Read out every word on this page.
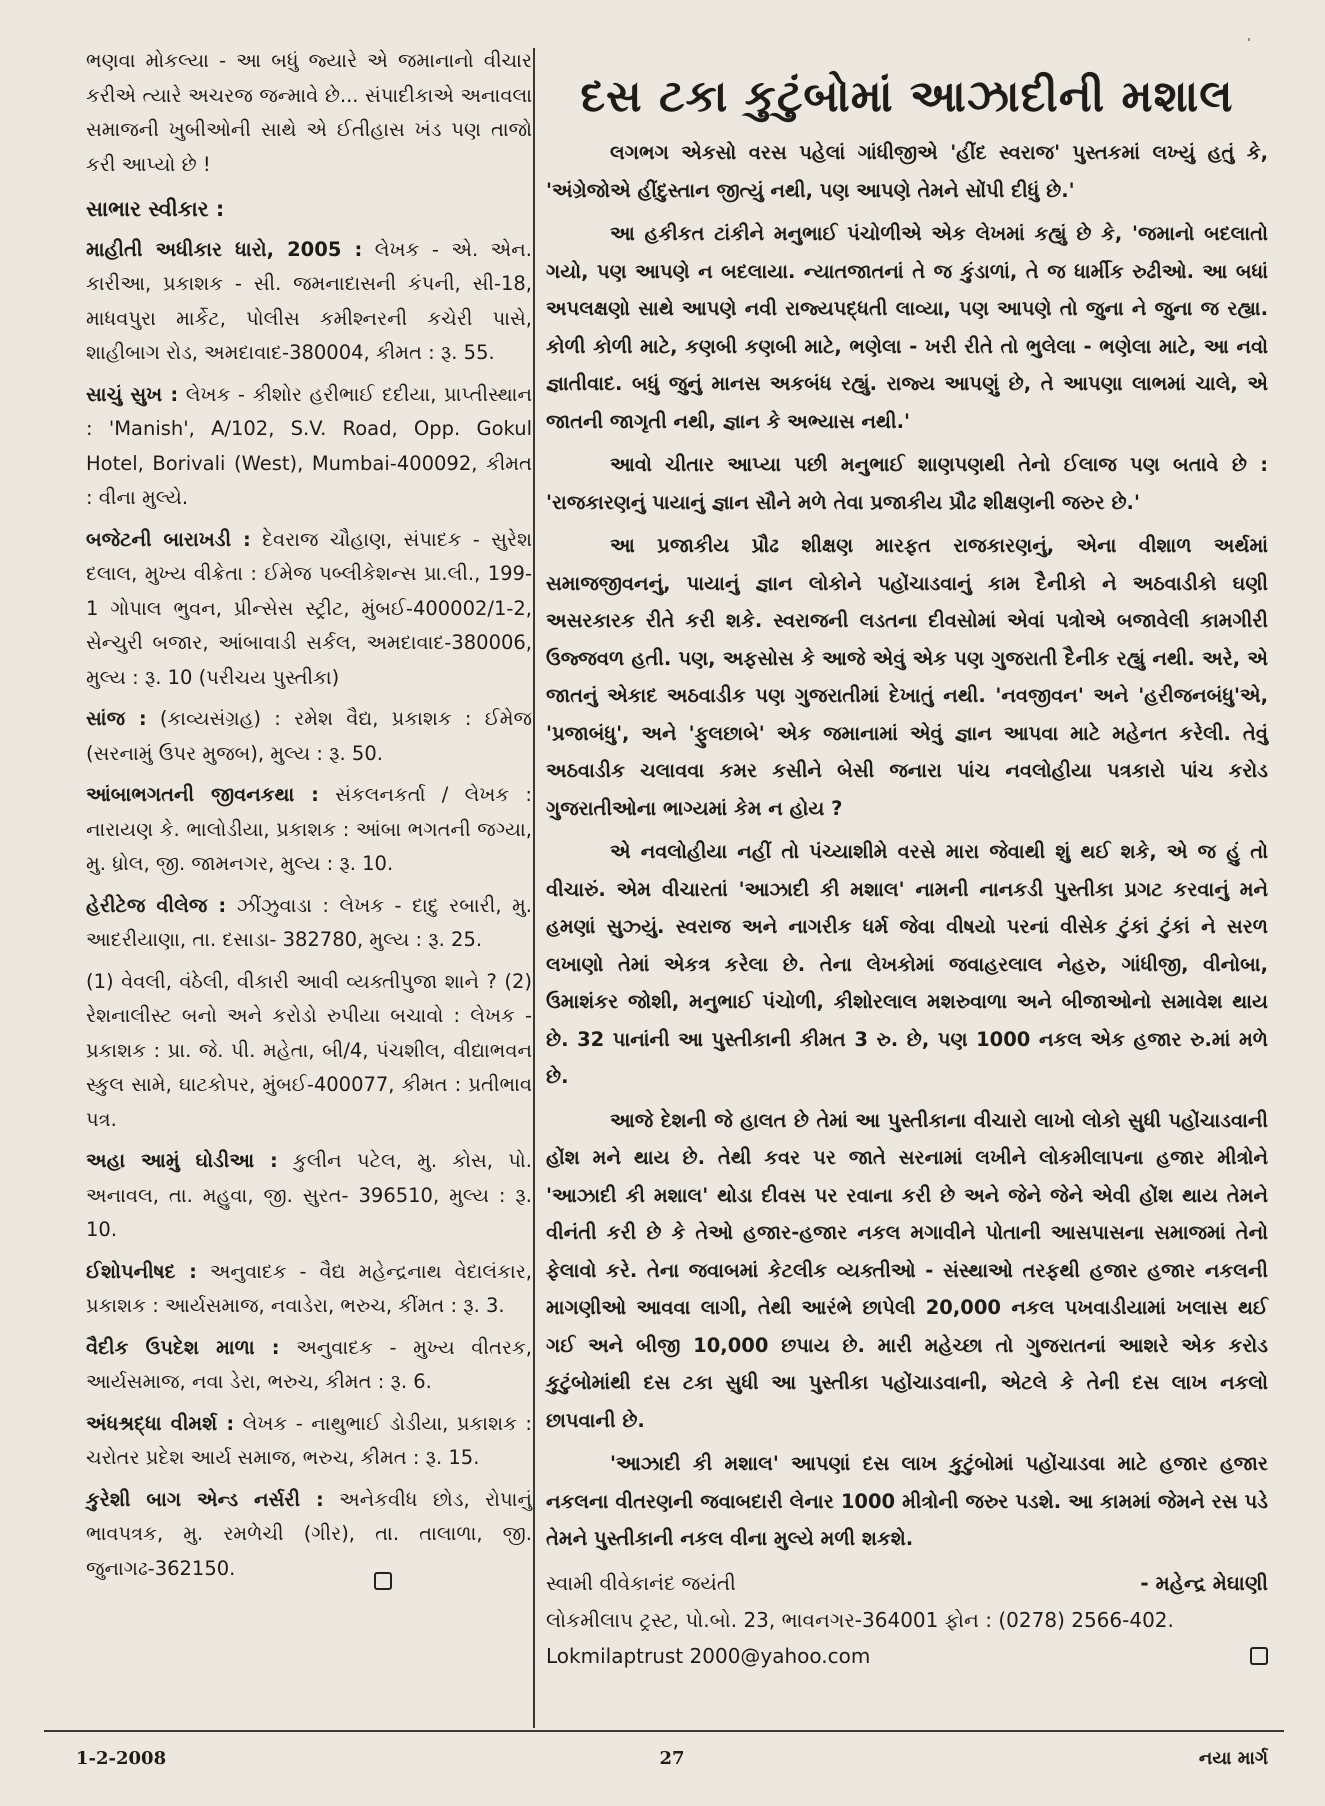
ભણવા મોકલ્યા - આ બધું જ્યારે એ જમાનાનો વીચાર કરીએ ત્યારે અચરજ જન્માવે છે... સંપાદીકાએ અનાવલા સમાજની ખુબીઓની સાથે એ ઈતીહાસ ખંડ પણ તાજો કરી આપ્યો છે !

સાભાર સ્વીકાર :

માહીતી અધીકાર ધારો, 2005 : લેખક - એ. એન. કારીઆ, પ્રકાશક - સી. જમનાદાસની કંપની, સી-18, માધવપુરા માર્કેટ, પોલીસ કમીશ્નરની કચેરી પાસે, શાહીબાગ રોડ, અમદાવાદ-380004, કીમત : રૂ. 55.

સાચું સુખ : લેખક - કીશોર હરીભાઈ દદીયા, પ્રાપ્તીસ્થાન : 'Manish', A/102, S.V. Road, Opp. Gokul Hotel, Borivali (West), Mumbai-400092, કીમત : વીના મુલ્યે.

બજેટની બારાખડી : દેવરાજ ચૌહાણ, સંપાદક - સુરેશ દલાલ, મુખ્ય વીક્રેતા : ઈમેજ પબ્લીકેશન્સ પ્રા.લી., 199-1 ગોપાલ ભુવન, પ્રીન્સેસ સ્ટ્રીટ, મુંબઈ-400002/1-2, સેન્ચુરી બજાર, આંબાવાડી સર્કલ, અમદાવાદ-380006, મુલ્ય : રૂ. 10 (પરીચય પુસ્તીકા)

સાંજ : (કાવ્યસંગ્રહ) : રમેશ વૈદ્ય, પ્રકાશક : ઈમેજ (સરનામું ઉપર મુજબ), મુલ્ય : રૂ. 50.

આંબાભગતની જીવનકથા : સંકલનકર્તા / લેખક : નારાયણ કે. ભાલોડીયા, પ્રકાશક : આંબા ભગતની જગ્યા, મુ. ધ્રોલ, જી. જામનગર, મુલ્ય : રૂ. 10.

હેરીટેજ વીલેજ : ઝીંઝુવાડા : લેખક - દાદુ રબારી, મુ. આદરીયાણા, તા. દસાડા- 382780, મુલ્ય : રૂ. 25.

(1) વેવલી, વંઠેલી, વીકારી આવી વ્યક્તીપુજા શાને ? (2) રેશનાલીસ્ટ બનો અને કરોડો રુપીયા બચાવો : લેખક - પ્રકાશક : પ્રા. જે. પી. મહેતા, બી/4, પંચશીલ, વીદ્યાભવન સ્કુલ સામે, ઘાટકોપર, મુંબઈ-400077, કીમત : પ્રતીભાવ પત્ર.

અહા આમું ઘોડીઆ : કુલીન પટેલ, મુ. કોસ, પો. અનાવલ, તા. મહુવા, જી. સુરત- 396510, મુલ્ય : રૂ. 10.

ઈશોપનીષદ : અનુવાદક - વૈદ્ય મહેન્દ્રનાથ વેદાલંકાર, પ્રકાશક : આર્યસમાજ, નવાડેરા, ભરુચ, કીંમત : રૂ. 3.

વૈદીક ઉપદેશ માળા : અનુવાદક - મુખ્ય વીતરક, આર્યસમાજ, નવા ડેરા, ભરુચ, કીમત : રૂ. 6.

અંધશ્રદ્ધા વીમર્શ : લેખક - નાથુભાઈ ડોડીયા, પ્રકાશક : ચરોતર પ્રદેશ આર્ય સમાજ, ભરુચ, કીમત : રૂ. 15.

કુરેશી બાગ એન્ડ નર્સરી : અનેકવીધ છોડ, રોપાનું ભાવપત્રક, મુ. રમળેચી (ગીર), તા. તાલાળા, જી. જુનાગઢ-362150.

દસ ટકા કુટુંબોમાં આઝાદીની મશાલ

લગભગ એકસો વરસ પહેલાં ગાંધીજીએ 'હીંદ સ્વરાજ' પુસ્તકમાં લખ્યું હતું કે, 'અંગ્રેજોએ હીંદુસ્તાન જીત્યું નથી, પણ આપણે તેમને સોંપી દીધું છે.'

આ હકીકત ટાંકીને મનુભાઈ પંચોળીએ એક લેખમાં કહ્યું છે કે, 'જમાનો બદલાતો ગયો, પણ આપણે ન બદલાયા. ન્યાતજાતનાં તે જ કુંડાળાં, તે જ ધાર્મીક રુઢીઓ. આ બધાં અપલક્ષણો સાથે આપણે નવી રાજ્યપદ્ધતી લાવ્યા, પણ આપણે તો જુના ને જુના જ રહ્યા. કોળી કોળી માટે, કણબી કણબી માટે, ભણેલા - ખરી રીતે તો ભુલેલા - ભણેલા માટે, આ નવો જ્ઞાતીવાદ. બધું જુનું માનસ અકબંધ રહ્યું. રાજ્ય આપણું છે, તે આપણા લાભમાં ચાલે, એ જાતની જાગૃતી નથી, જ્ઞાન કે અભ્યાસ નથી.'

આવો ચીતાર આપ્યા પછી મનુભાઈ શાણપણથી તેનો ઈલાજ પણ બતાવે છે : 'રાજકારણનું પાયાનું જ્ઞાન સૌને મળે તેવા પ્રજાકીય પ્રૌઢ શીક્ષણની જરુર છે.'

આ પ્રજાકીય પ્રૌઢ શીક્ષણ મારફત રાજકારણનું, એના વીશાળ અર્થમાં સમાજજીવનનું, પાયાનું જ્ઞાન લોકોને પહોંચાડવાનું કામ દૈનીકો ને અઠવાડીકો ઘણી અસરકારક રીતે કરી શકે. સ્વરાજની લડતના દીવસોમાં એવાં પત્રોએ બજાવેલી કામગીરી ઉજ્જવળ હતી. પણ, અફસોસ કે આજે એવું એક પણ ગુજરાતી દૈનીક રહ્યું નથી. અરે, એ જાતનું એકાદ અઠવાડીક પણ ગુજરાતીમાં દેખાતું નથી. 'નવજીવન' અને 'હરીજનબંધુ'એ, 'પ્રજાબંધુ', અને 'ફુલછાબે' એક જમાનામાં એવું જ્ઞાન આપવા માટે મહેનત કરેલી. તેવું અઠવાડીક ચલાવવા કમર કસીને બેસી જનારા પાંચ નવલોહીયા પત્રકારો પાંચ કરોડ ગુજરાતીઓના ભાગ્યમાં કેમ ન હોય ?

એ નવલોહીયા નહીં તો પંચ્યાશીમે વરસે મારા જેવાથી શું થઈ શકે, એ જ હું તો વીચારું. એમ વીચારતાં 'આઝાદી કી મશાલ' નામની નાનકડી પુસ્તીકા પ્રગટ કરવાનું મને હમણાં સુઝ્યું. સ્વરાજ અને નાગરીક ધર્મ જેવા વીષયો પરનાં વીસેક ટુંકાં ટુંકાં ને સરળ લખાણો તેમાં એકત્ર કરેલા છે. તેના લેખકોમાં જવાહરલાલ નેહરુ, ગાંધીજી, વીનોબા, ઉમાશંકર જોશી, મનુભાઈ પંચોળી, કીશોરલાલ મશરુવાળા અને બીજાઓનો સમાવેશ થાય છે. 32 પાનાંની આ પુસ્તીકાની કીમત 3 રુ. છે, પણ 1000 નકલ એક હજાર રુ.માં મળે છે.

આજે દેશની જે હાલત છે તેમાં આ પુસ્તીકાના વીચારો લાખો લોકો સુધી પહોંચાડવાની હોંશ મને થાય છે. તેથી કવર પર જાતે સરનામાં લખીને લોકમીલાપના હજાર મીત્રોને 'આઝાદી કી મશાલ' થોડા દીવસ પર રવાના કરી છે અને જેને જેને એવી હોંશ થાય તેમને વીનંતી કરી છે કે તેઓ હજાર-હજાર નકલ મગાવીને પોતાની આસપાસના સમાજમાં તેનો ફેલાવો કરે. તેના જવાબમાં કેટલીક વ્યક્તીઓ - સંસ્થાઓ તરફથી હજાર હજાર નકલની માગણીઓ આવવા લાગી, તેથી આરંભે છાપેલી 20,000 નકલ પખવાડીયામાં ખલાસ થઈ ગઈ અને બીજી 10,000 છપાય છે. મારી મહેચ્છા તો ગુજરાતનાં આશરે એક કરોડ કુટુંબોમાંથી દસ ટકા સુધી આ પુસ્તીકા પહોંચાડવાની, એટલે કે તેની દસ લાખ નકલો છાપવાની છે.

'આઝાદી કી મશાલ' આપણાં દસ લાખ કુટુંબોમાં પહોંચાડવા માટે હજાર હજાર નકલના વીતરણની જવાબદારી લેનાર 1000 મીત્રોની જરુર પડશે. આ કામમાં જેમને રસ પડે તેમને પુસ્તીકાની નકલ વીના મુલ્યે મળી શકશે.

સ્વામી વીવેકાનંદ જયંતી	- મહેન્દ્ર મેઘાણી
લોકમીલાપ ટ્રસ્ટ, પો.બો. 23, ભાવનગર-364001 ફોન : (0278) 2566-402.
Lokmilaptrust 2000@yahoo.com
1-2-2008	27	નયા માર્ગ
